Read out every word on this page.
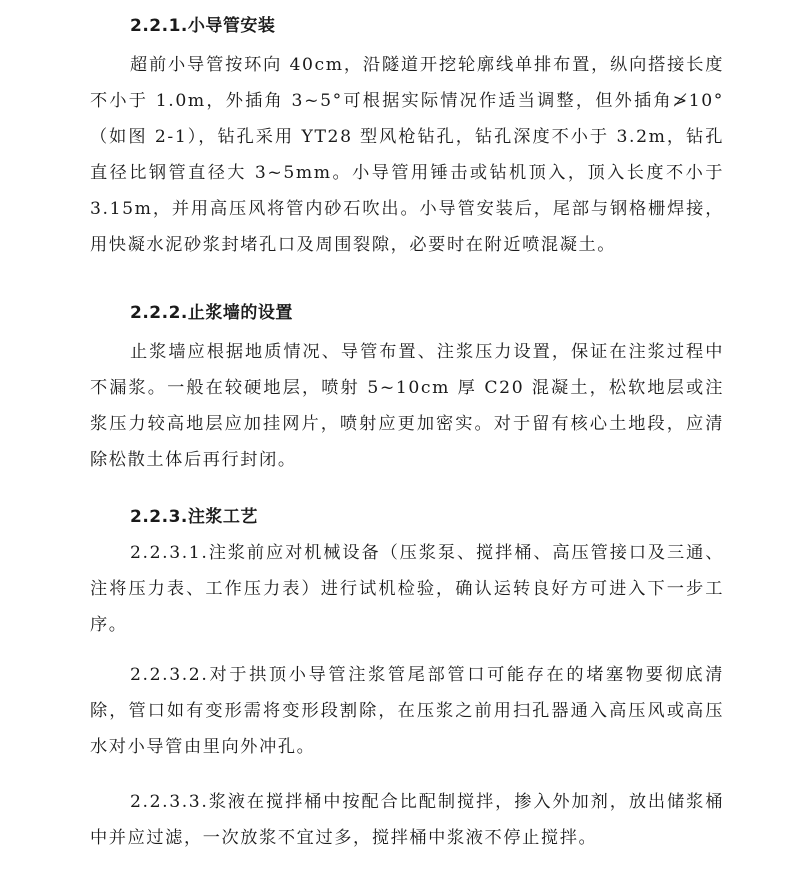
2.2.1.小导管安装

超前小导管按环向 40cm，沿隧道开挖轮廓线单排布置，纵向搭接长度不小于 1.0m，外插角 3~5°可根据实际情况作适当调整，但外插角≯10°（如图 2-1），钻孔采用 YT28 型风枪钻孔，钻孔深度不小于 3.2m，钻孔直径比钢管直径大 3~5mm。小导管用锤击或钻机顶入，顶入长度不小于 3.15m，并用高压风将管内砂石吹出。小导管安装后，尾部与钢格栅焊接，用快凝水泥砂浆封堵孔口及周围裂隙，必要时在附近喷混凝土。

2.2.2.止浆墙的设置

止浆墙应根据地质情况、导管布置、注浆压力设置，保证在注浆过程中不漏浆。一般在较硬地层，喷射 5~10cm 厚 C20 混凝土，松软地层或注浆压力较高地层应加挂网片，喷射应更加密实。对于留有核心土地段，应清除松散土体后再行封闭。

2.2.3.注浆工艺

2.2.3.1.注浆前应对机械设备（压浆泵、搅拌桶、高压管接口及三通、注将压力表、工作压力表）进行试机检验，确认运转良好方可进入下一步工序。

2.2.3.2.对于拱顶小导管注浆管尾部管口可能存在的堵塞物要彻底清除，管口如有变形需将变形段割除，在压浆之前用扫孔器通入高压风或高压水对小导管由里向外冲孔。

2.2.3.3.浆液在搅拌桶中按配合比配制搅拌，掺入外加剂，放出储浆桶中并应过滤，一次放浆不宜过多，搅拌桶中浆液不停止搅拌。
